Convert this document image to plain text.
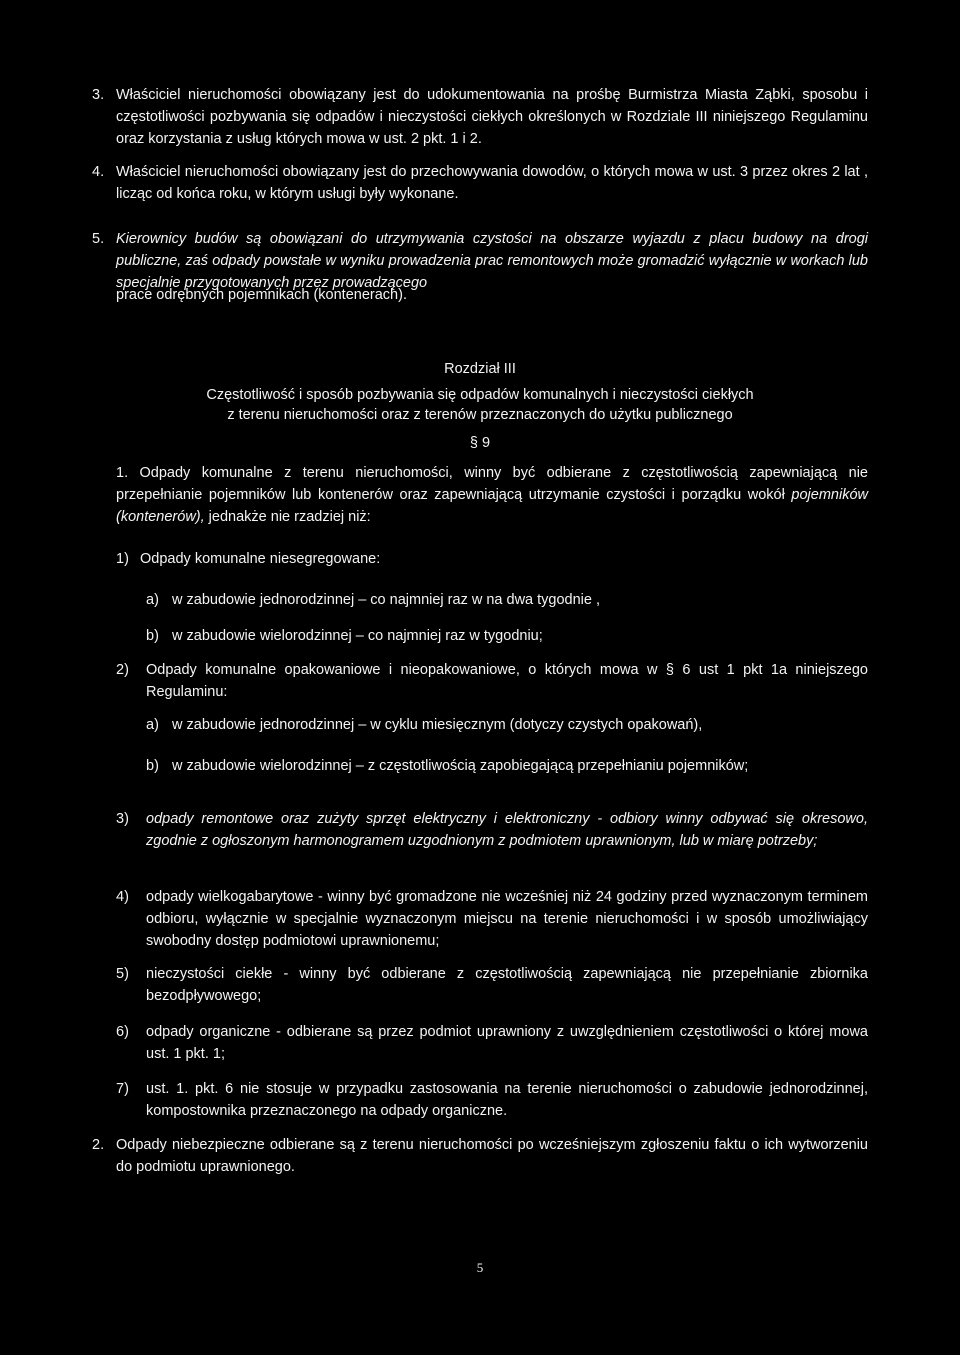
3. Właściciel nieruchomości obowiązany jest do udokumentowania na prośbę Burmistrza Miasta Ząbki, sposobu i częstotliwości pozbywania się odpadów i nieczystości ciekłych określonych w Rozdziale III niniejszego Regulaminu oraz korzystania z usług których mowa w ust. 2 pkt. 1 i 2.

4. Właściciel nieruchomości obowiązany jest do przechowywania dowodów, o których mowa w ust. 3 przez okres 2 lat , licząc od końca roku, w którym usługi były wykonane.

5. Kierownicy budów są obowiązani do utrzymywania czystości na obszarze wyjazdu z placu budowy na drogi publiczne, zaś odpady powstałe w wyniku prowadzenia prac remontowych może gromadzić wyłącznie w workach lub specjalnie przygotowanych przez prowadzącego

prace odrębnych pojemnikach (kontenerach).

Rozdział III
Częstotliwość i sposób pozbywania się odpadów komunalnych i nieczystości ciekłych
z terenu nieruchomości oraz z terenów przeznaczonych do użytku publicznego
§ 9

1. Odpady komunalne z terenu nieruchomości, winny być odbierane z częstotliwością zapewniającą nie przepełnianie pojemników lub kontenerów oraz zapewniającą utrzymanie czystości i porządku wokół pojemników (kontenerów), jednakże nie rzadziej niż:

1) Odpady komunalne niesegregowane:

a) w zabudowie jednorodzinnej – co najmniej raz w na dwa tygodnie ,

b) w zabudowie wielorodzinnej – co najmniej raz w tygodniu;

2) Odpady komunalne opakowaniowe i nieopakowaniowe, o których mowa w § 6 ust 1 pkt 1a niniejszego Regulaminu:

a) w zabudowie jednorodzinnej – w cyklu miesięcznym (dotyczy czystych opakowań),

b) w zabudowie wielorodzinnej – z częstotliwością zapobiegającą przepełnianiu pojemników;

3) odpady remontowe oraz zużyty sprzęt elektryczny i elektroniczny - odbiory winny odbywać się okresowo, zgodnie z ogłoszonym harmonogramem uzgodnionym z podmiotem uprawnionym, lub w miarę potrzeby;

4) odpady wielkogabarytowe - winny być gromadzone nie wcześniej niż 24 godziny przed wyznaczonym terminem odbioru, wyłącznie w specjalnie wyznaczonym miejscu na terenie nieruchomości i w sposób umożliwiający swobodny dostęp podmiotowi uprawnionemu;

5) nieczystości ciekłe - winny być odbierane z częstotliwością zapewniającą nie przepełnianie zbiornika bezodpływowego;

6) odpady organiczne - odbierane są przez podmiot uprawniony z uwzględnieniem częstotliwości o której mowa ust. 1 pkt. 1;

7) ust. 1. pkt. 6 nie stosuje w przypadku zastosowania na terenie nieruchomości o zabudowie jednorodzinnej, kompostownika przeznaczonego na odpady organiczne.

2. Odpady niebezpieczne odbierane są z terenu nieruchomości po wcześniejszym zgłoszeniu faktu o ich wytworzeniu do podmiotu uprawnionego.

5
